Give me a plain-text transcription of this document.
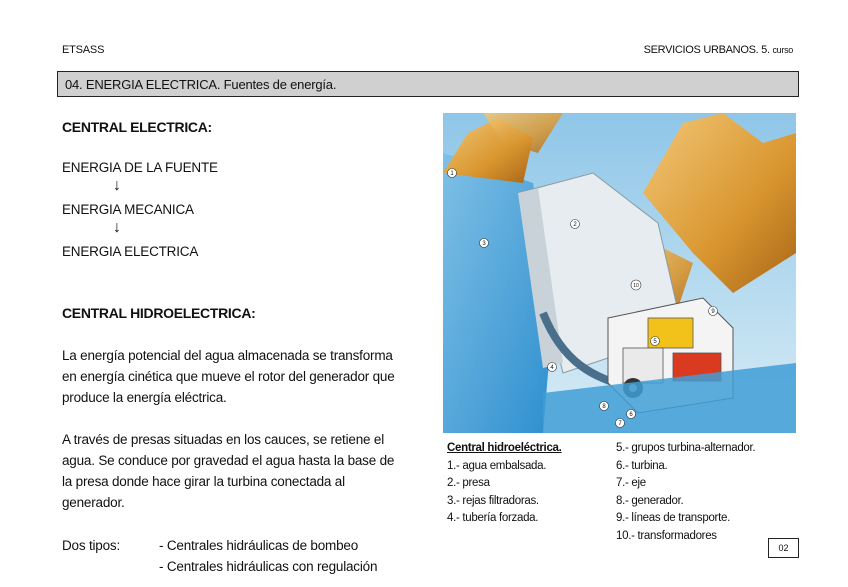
ETSASS	SERVICIOS URBANOS. 5. curso
04. ENERGIA ELECTRICA. Fuentes de energía.
CENTRAL ELECTRICA:
ENERGIA DE LA FUENTE
↓
ENERGIA MECANICA
↓
ENERGIA ELECTRICA
CENTRAL HIDROELECTRICA:
La energía potencial del agua almacenada se transforma
en energía cinética que mueve el rotor del generador que
produce la energía eléctrica.
A través de presas situadas en los cauces, se retiene el
agua. Se conduce por gravedad el agua hasta la base de
la presa donde hace girar la turbina conectada al
generador.
Dos tipos:	- Centrales hidráulicas de bombeo
- Centrales hidráulicas con regulación
1
2
3
4
5
6
7
8
9
10
Central hidroeléctrica.
1.- agua embalsada.
2.- presa
3.- rejas filtradoras.
4.- tubería forzada.
5.- grupos turbina-alternador.
6.- turbina.
7.- eje
8.- generador.
9.- líneas de transporte.
10.- transformadores
02
